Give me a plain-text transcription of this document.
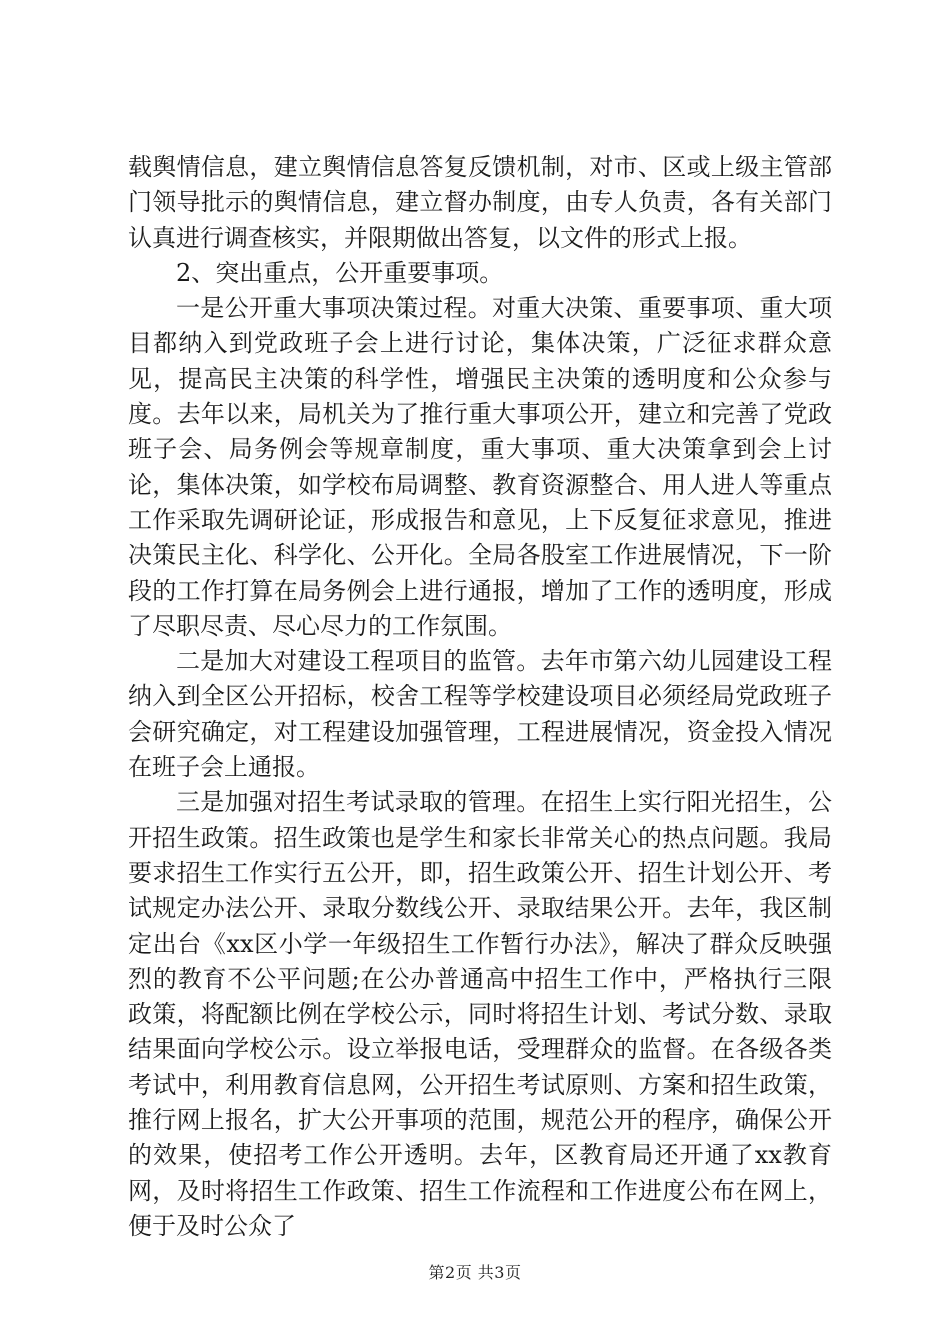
载舆情信息，建立舆情信息答复反馈机制，对市、区或上级主管部门领导批示的舆情信息，建立督办制度，由专人负责，各有关部门认真进行调查核实，并限期做出答复，以文件的形式上报。

2、突出重点，公开重要事项。

一是公开重大事项决策过程。对重大决策、重要事项、重大项目都纳入到党政班子会上进行讨论，集体决策，广泛征求群众意见，提高民主决策的科学性，增强民主决策的透明度和公众参与度。去年以来，局机关为了推行重大事项公开，建立和完善了党政班子会、局务例会等规章制度，重大事项、重大决策拿到会上讨论，集体决策，如学校布局调整、教育资源整合、用人进人等重点工作采取先调研论证，形成报告和意见，上下反复征求意见，推进决策民主化、科学化、公开化。全局各股室工作进展情况，下一阶段的工作打算在局务例会上进行通报，增加了工作的透明度，形成了尽职尽责、尽心尽力的工作氛围。

二是加大对建设工程项目的监管。去年市第六幼儿园建设工程纳入到全区公开招标，校舍工程等学校建设项目必须经局党政班子会研究确定，对工程建设加强管理，工程进展情况，资金投入情况在班子会上通报。

三是加强对招生考试录取的管理。在招生上实行阳光招生，公开招生政策。招生政策也是学生和家长非常关心的热点问题。我局要求招生工作实行五公开，即，招生政策公开、招生计划公开、考试规定办法公开、录取分数线公开、录取结果公开。去年，我区制定出台《xx区小学一年级招生工作暂行办法》，解决了群众反映强烈的教育不公平问题;在公办普通高中招生工作中，严格执行三限政策，将配额比例在学校公示，同时将招生计划、考试分数、录取结果面向学校公示。设立举报电话，受理群众的监督。在各级各类考试中，利用教育信息网，公开招生考试原则、方案和招生政策，推行网上报名，扩大公开事项的范围，规范公开的程序，确保公开的效果，使招考工作公开透明。去年，区教育局还开通了xx教育网，及时将招生工作政策、招生工作流程和工作进度公布在网上，便于及时公众了

第2页 共3页
